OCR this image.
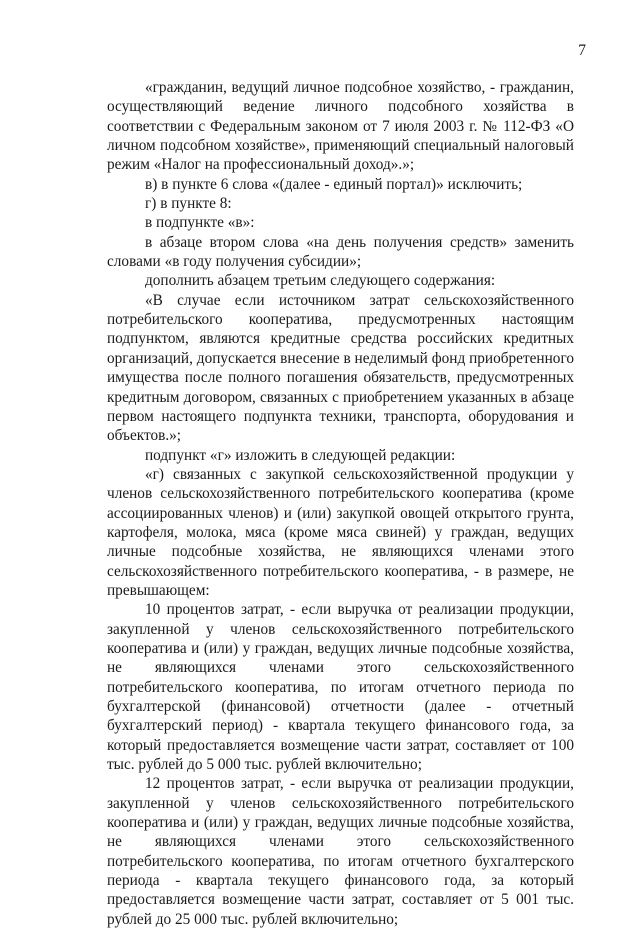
7

«гражданин, ведущий личное подсобное хозяйство, - гражданин, осуществляющий ведение личного подсобного хозяйства в соответствии с Федеральным законом от 7 июля 2003 г. № 112-ФЗ «О личном подсобном хозяйстве», применяющий специальный налоговый режим «Налог на профессиональный доход».»;

в) в пункте 6 слова «(далее - единый портал)» исключить;

г) в пункте 8:

в подпункте «в»:

в абзаце втором слова «на день получения средств» заменить словами «в году получения субсидии»;

дополнить абзацем третьим следующего содержания:

«В случае если источником затрат сельскохозяйственного потребительского кооператива, предусмотренных настоящим подпунктом, являются кредитные средства российских кредитных организаций, допускается внесение в неделимый фонд приобретенного имущества после полного погашения обязательств, предусмотренных кредитным договором, связанных с приобретением указанных в абзаце первом настоящего подпункта техники, транспорта, оборудования и объектов.»;

подпункт «г» изложить в следующей редакции:

«г) связанных с закупкой сельскохозяйственной продукции у членов сельскохозяйственного потребительского кооператива (кроме ассоциированных членов) и (или) закупкой овощей открытого грунта, картофеля, молока, мяса (кроме мяса свиней) у граждан, ведущих личные подсобные хозяйства, не являющихся членами этого сельскохозяйственного потребительского кооператива, - в размере, не превышающем:

10 процентов затрат, - если выручка от реализации продукции, закупленной у членов сельскохозяйственного потребительского кооператива и (или) у граждан, ведущих личные подсобные хозяйства, не являющихся членами этого сельскохозяйственного потребительского кооператива, по итогам отчетного периода по бухгалтерской (финансовой) отчетности (далее - отчетный бухгалтерский период) - квартала текущего финансового года, за который предоставляется возмещение части затрат, составляет от 100 тыс. рублей до 5 000 тыс. рублей включительно;

12 процентов затрат, - если выручка от реализации продукции, закупленной у членов сельскохозяйственного потребительского кооператива и (или) у граждан, ведущих личные подсобные хозяйства, не являющихся членами этого сельскохозяйственного потребительского кооператива, по итогам отчетного бухгалтерского периода - квартала текущего финансового года, за который предоставляется возмещение части затрат, составляет от 5 001 тыс. рублей до 25 000 тыс. рублей включительно;
